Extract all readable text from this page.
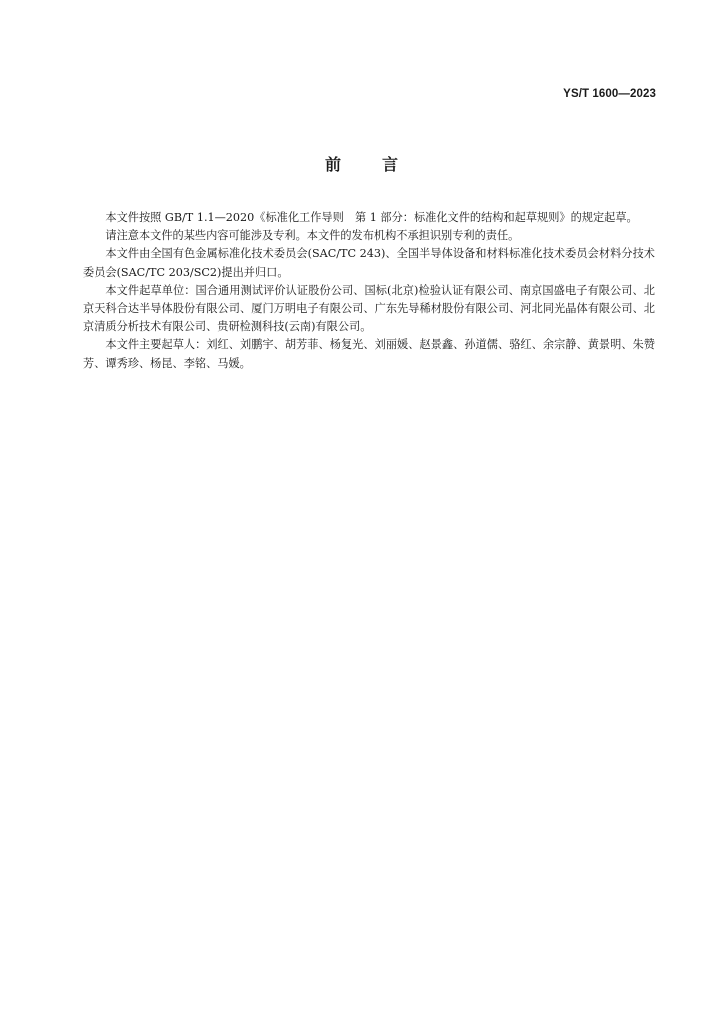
YS/T 1600—2023
前	言

本文件按照 GB/T 1.1—2020《标准化工作导则　第 1 部分：标准化文件的结构和起草规则》的规定起草。

请注意本文件的某些内容可能涉及专利。本文件的发布机构不承担识别专利的责任。

本文件由全国有色金属标准化技术委员会(SAC/TC 243)、全国半导体设备和材料标准化技术委员会材料分技术委员会(SAC/TC 203/SC2)提出并归口。

本文件起草单位：国合通用测试评价认证股份公司、国标(北京)检验认证有限公司、南京国盛电子有限公司、北京天科合达半导体股份有限公司、厦门万明电子有限公司、广东先导稀材股份有限公司、河北同光晶体有限公司、北京清质分析技术有限公司、贵研检测科技(云南)有限公司。

本文件主要起草人：刘红、刘鹏宇、胡芳菲、杨复光、刘丽媛、赵景鑫、孙道儒、骆红、余宗静、黄景明、朱赞芳、谭秀珍、杨昆、李铭、马媛。
